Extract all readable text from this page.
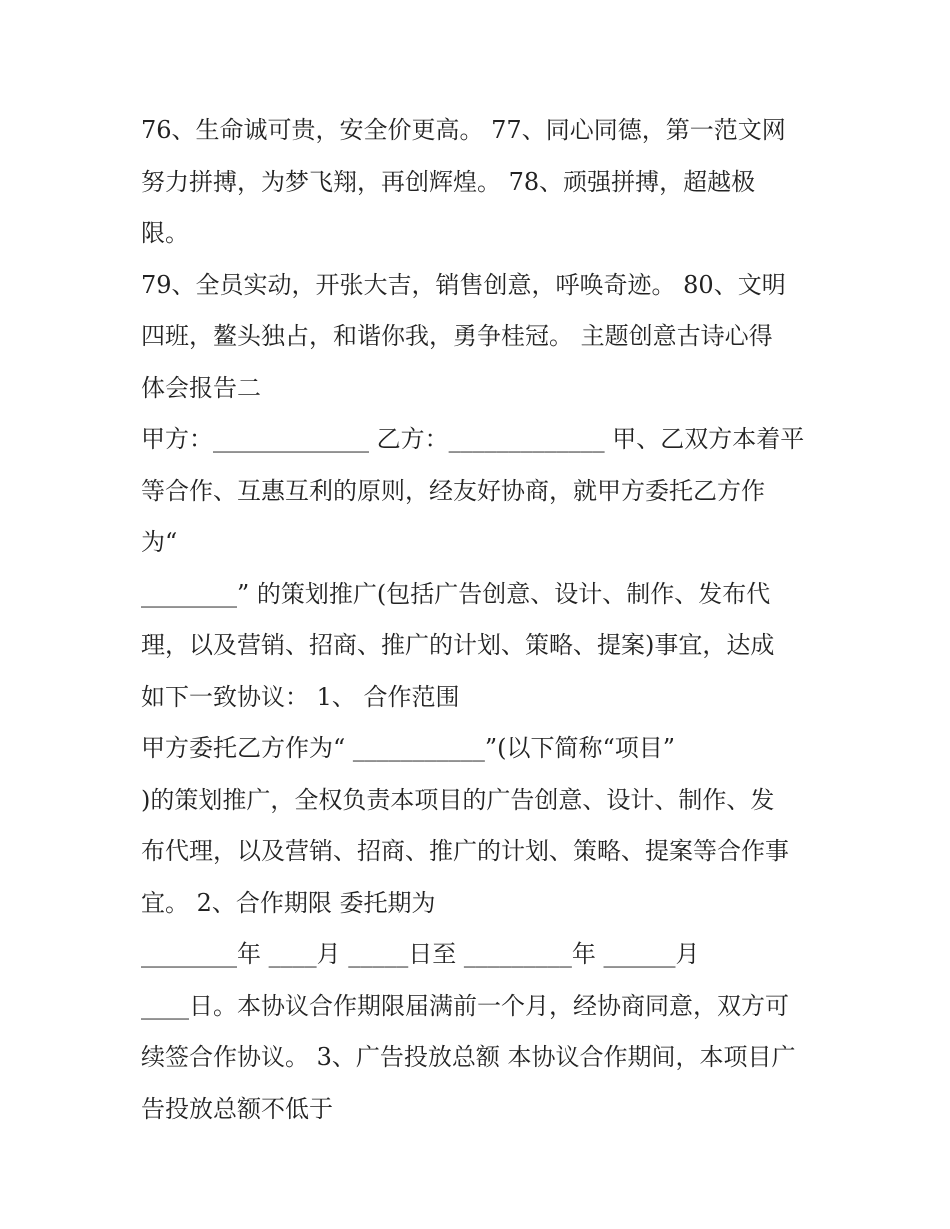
76、生命诚可贵，安全价更高。 77、同心同德，第一范文网
努力拼搏，为梦飞翔，再创辉煌。 78、顽强拼搏，超越极
限。
79、全员实动，开张大吉，销售创意，呼唤奇迹。 80、文明
四班，鳌头独占，和谐你我，勇争桂冠。 主题创意古诗心得
体会报告二
甲方：_____________ 乙方：_____________ 甲、乙双方本着平
等合作、互惠互利的原则，经友好协商，就甲方委托乙方作
为“
________” 的策划推广(包括广告创意、设计、制作、发布代
理，以及营销、招商、推广的计划、策略、提案)事宜，达成
如下一致协议： 1、 合作范围
甲方委托乙方作为“ ___________”(以下简称“项目”
)的策划推广，全权负责本项目的广告创意、设计、制作、发
布代理，以及营销、招商、推广的计划、策略、提案等合作事
宜。 2、合作期限 委托期为
________年 ____月 _____日至 _________年 ______月
____日。本协议合作期限届满前一个月，经协商同意，双方可
续签合作协议。 3、广告投放总额 本协议合作期间，本项目广
告投放总额不低于
